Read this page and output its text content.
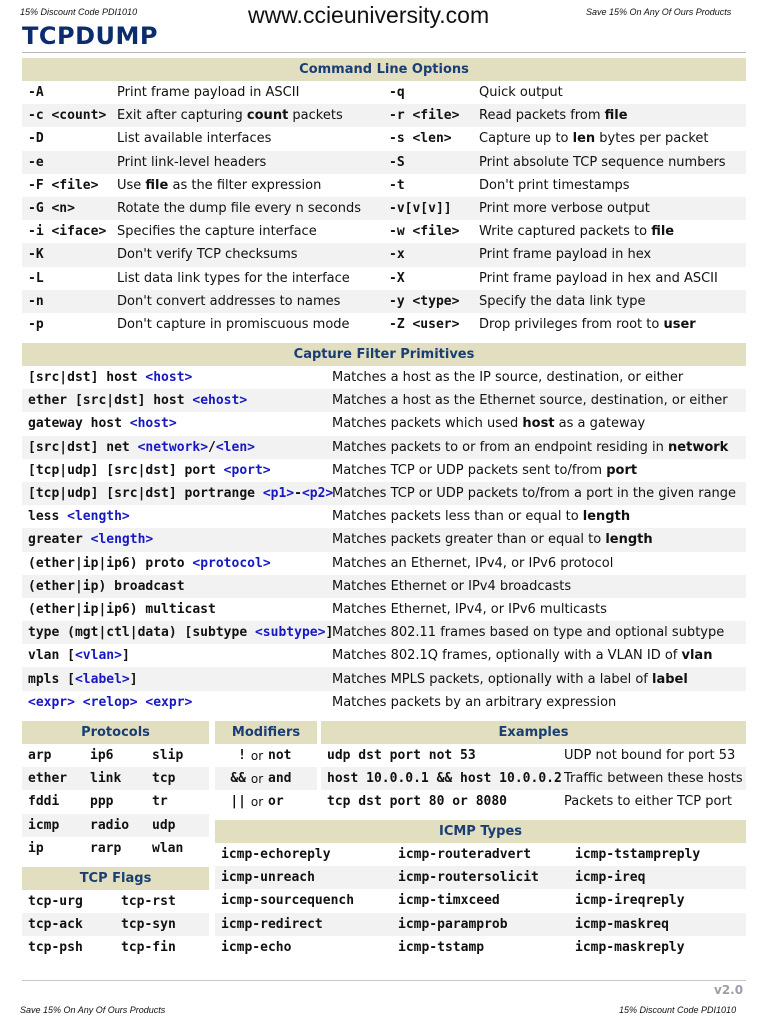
15% Discount Code PDI1010	www.ccieuniversity.com	Save 15% On Any Of Ours Products
TCPDUMP
Command Line Options			
-A	Print frame payload in ASCII	-q	Quick output
-c <count>	Exit after capturing count packets	-r <file>	Read packets from file
-D	List available interfaces	-s <len>	Capture up to len bytes per packet
-e	Print link-level headers	-S	Print absolute TCP sequence numbers
-F <file>	Use file as the filter expression	-t	Don't print timestamps
-G <n>	Rotate the dump file every n seconds	-v[v[v]]	Print more verbose output
-i <iface>	Specifies the capture interface	-w <file>	Write captured packets to file
-K	Don't verify TCP checksums	-x	Print frame payload in hex
-L	List data link types for the interface	-X	Print frame payload in hex and ASCII
-n	Don't convert addresses to names	-y <type>	Specify the data link type
-p	Don't capture in promiscuous mode	-Z <user>	Drop privileges from root to user
Capture Filter Primitives	
[src|dst] host <host>	Matches a host as the IP source, destination, or either
ether [src|dst] host <ehost>	Matches a host as the Ethernet source, destination, or either
gateway host <host>	Matches packets which used host as a gateway
[src|dst] net <network>/<len>	Matches packets to or from an endpoint residing in network
[tcp|udp] [src|dst] port <port>	Matches TCP or UDP packets sent to/from port
[tcp|udp] [src|dst] portrange <p1>-<p2>	Matches TCP or UDP packets to/from a port in the given range
less <length>	Matches packets less than or equal to length
greater <length>	Matches packets greater than or equal to length
(ether|ip|ip6) proto <protocol>	Matches an Ethernet, IPv4, or IPv6 protocol
(ether|ip) broadcast	Matches Ethernet or IPv4 broadcasts
(ether|ip|ip6) multicast	Matches Ethernet, IPv4, or IPv6 multicasts
type (mgt|ctl|data) [subtype <subtype>]	Matches 802.11 frames based on type and optional subtype
vlan [<vlan>]	Matches 802.1Q frames, optionally with a VLAN ID of vlan
mpls [<label>]	Matches MPLS packets, optionally with a label of label
<expr> <relop> <expr>	Matches packets by an arbitrary expression
Protocols		
arp	ip6	slip
ether	link	tcp
fddi	ppp	tr
icmp	radio	udp
ip	rarp	wlan
Modifiers		
!	or	not
&&	or	and
||	or	or
Examples	
udp dst port not 53	UDP not bound for port 53
host 10.0.0.1 && host 10.0.0.2	Traffic between these hosts
tcp dst port 80 or 8080	Packets to either TCP port
TCP Flags	
tcp-urg	tcp-rst
tcp-ack	tcp-syn
tcp-psh	tcp-fin
ICMP Types		
icmp-echoreply	icmp-routeradvert	icmp-tstampreply
icmp-unreach	icmp-routersolicit	icmp-ireq
icmp-sourcequench	icmp-timxceed	icmp-ireqreply
icmp-redirect	icmp-paramprob	icmp-maskreq
icmp-echo	icmp-tstamp	icmp-maskreply
v2.0
Save 15% On Any Of Ours Products	15% Discount Code PDI1010
